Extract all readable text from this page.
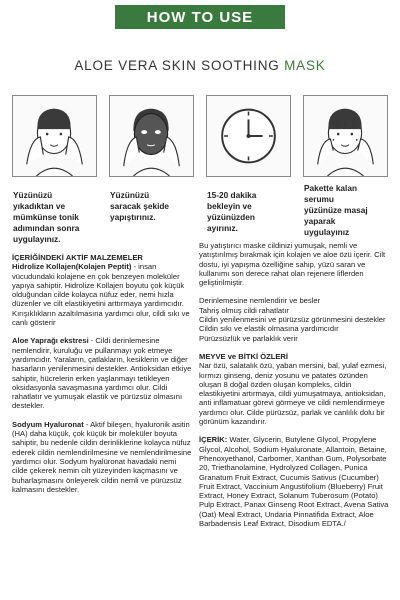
HOW TO USE
ALOE VERA SKIN SOOTHING MASK
Yüzünüzü
yıkadıktan ve
mümkünse tonik
adımından sonra
uygulayınız.
Yüzünüzü
saracak şekide
yapıştırınız.
15-20 dakika
bekleyin ve
yüzünüzden
ayırınız.
Pakette kalan
serumu
yüzünüze masaj
yaparak
uygulayınız

İÇERİĞİNDEKİ AKTİF MALZEMELER
Hidrolize Kollajen(Kolajen Peptit) - insan vücudundaki kolajene en çok benzeyen moleküler yapıya sahiptir. Hidrolize Kollajen boyutu çok küçük olduğundan cilde kolayca nüfuz eder, nemi hızla düzenler ve cilt elastikiyetini arttırmaya yardımcıdır. Kırışıklıkların azaltılmasına yardımcı olur, cildi sıkı ve canlı gösterir

Aloe Yaprağı ekstresi - Cildi derinlemesine nemlendirir, kuruluğu ve pullanmayı yok etmeye yardımcıdır. Yaraların, çatlakların, kesiklerin ve diğer hasarların yenilenmesini destekler. Antioksidan etkiye sahiptir, hücrelerin erken yaşlanmayı tetikleyen oksidasyonla savaşmasına yardımcı olur. Cildi rahatlatır ve yumuşak elastik ve pürüzsüz olmasını destekler.

Sodyum Hyaluronat - Aktif bileşen, hyaluronik asitin (HA) daha küçük, çok küçük bir moleküler boyuta sahiptir, bu nedenle cildin derinliklerine kolayca nüfuz ederek cildin nemlendirilmesine ve nemlendirilmesine yardımcı olur. Sodyum hyalüronat havadaki nemi cilde çekerek nemin cilt yüzeyinden kaçmasını ve buharlaşmasını önleyerek cildin nemli ve pürüzsüz kalmasını destekler.

Bu yatıştırıcı maske cildinizi yumuşak, nemli ve yatıştırılmış bırakmak için kolajen ve aloe özü içerir. Cilt dostu, iyi yapışma özelliğine sahip, yüzü saran ve kullanımı son derece rahat olan rejenere liflerden geliştirilmiştir.

Derinlemesine nemlendirir ve besler

Tahriş olmuş cildi rahatlatır

Cildin yenilenmesini ve pürüzsüz görünmesini destekler

Cildin sıkı ve elastik olmasına yardımcıdır

Pürüzsüzlük ve parlaklık verir

MEYVE ve BİTKİ ÖZLERİ

Nar özü, salatalık özü, yaban mersini, bal, yulaf ezmesi, kırmızı ginseng, deniz yosunu ve patates özünden oluşan 8 doğal özden oluşan kompleks, cildin elastikiyetini artırmaya, cildi yumuşatmaya, antioksidan, anti inflamatuar görevi görmeye ve cildi nemlendirmeye yardımcı olur. Cilde pürüzsüz, parlak ve canlılık dolu bir görünüm kazandırır.

İÇERİK: Water, Glycerin, Butylene Glycol, Propylene Glycol, Alcohol, Sodium Hyaluronate, Allantoin, Betaine, Phenoxyethanol, Carbomer, Xanthan Gum, Polysorbate 20, Triethanolamine, Hydrolyzed Collagen, Punica Granatum Fruit Extract, Cucumis Sativus (Cucumber) Fruit Extract, Vaccinium Angustifolium (Blueberry) Fruit Extract, Honey Extract, Solanum Tuberosum (Potato) Pulp Extract, Panax Ginseng Root Extract, Avena Sativa (Oat) Meal Extract, Undaria Pinnatifida Extract, Aloe Barbadensis Leaf Extract, Disodium EDTA./
